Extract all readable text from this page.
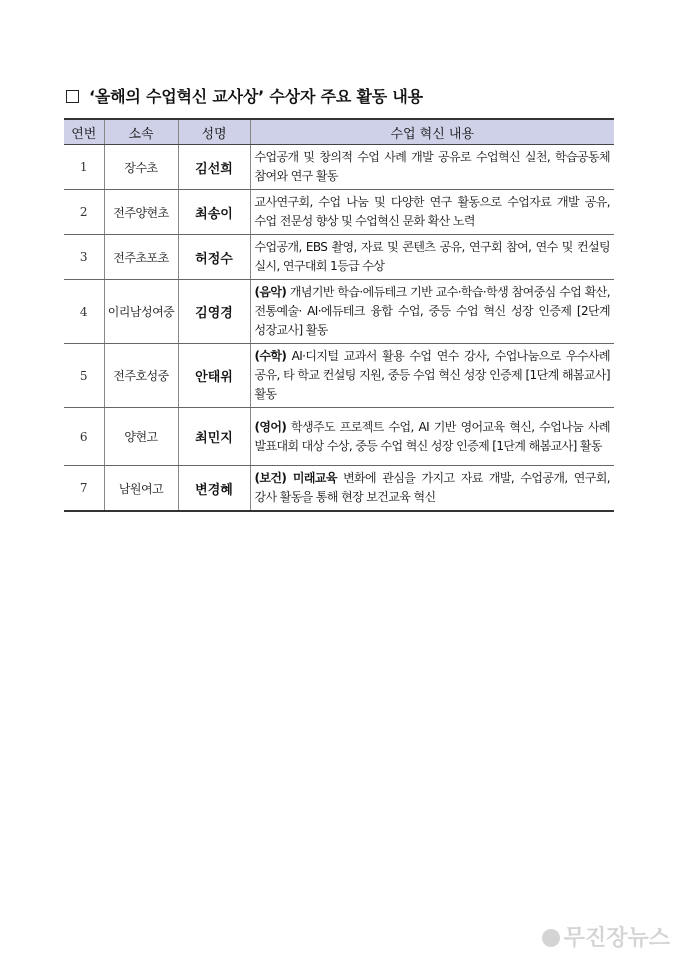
‘올해의 수업혁신 교사상’ 수상자 주요 활동 내용
연번	소속	성명	수업 혁신 내용
1	장수초	김선희	수업공개 및 창의적 수업 사례 개발 공유로 수업혁신 실천, 학습공동체 참여와 연구 활동
2	전주양현초	최송이	교사연구회, 수업 나눔 및 다양한 연구 활동으로 수업자료 개발 공유, 수업 전문성 향상 및 수업혁신 문화 확산 노력
3	전주초포초	허정수	수업공개, EBS 촬영, 자료 및 콘텐츠 공유, 연구회 참여, 연수 및 컨설팅 실시, 연구대회 1등급 수상
4	이리남성여중	김영경	(음악) 개념기반 학습·에듀테크 기반 교수·학습·학생 참여중심 수업 확산, 전통예술· AI·에듀테크 융합 수업, 중등 수업 혁신 성장 인증제 [2단계 성장교사] 활동
5	전주호성중	안태위	(수학) AI·디지털 교과서 활용 수업 연수 강사, 수업나눔으로 우수사례 공유, 타 학교 컨설팅 지원, 중등 수업 혁신 성장 인증제 [1단계 해봄교사] 활동
6	양현고	최민지	(영어) 학생주도 프로젝트 수업, AI 기반 영어교육 혁신, 수업나눔 사례 발표대회 대상 수상, 중등 수업 혁신 성장 인증제 [1단계 해봄교사] 활동
7	남원여고	변경혜	(보건) 미래교육 변화에 관심을 가지고 자료 개발, 수업공개, 연구회, 강사 활동을 통해 현장 보건교육 혁신
무진장뉴스
